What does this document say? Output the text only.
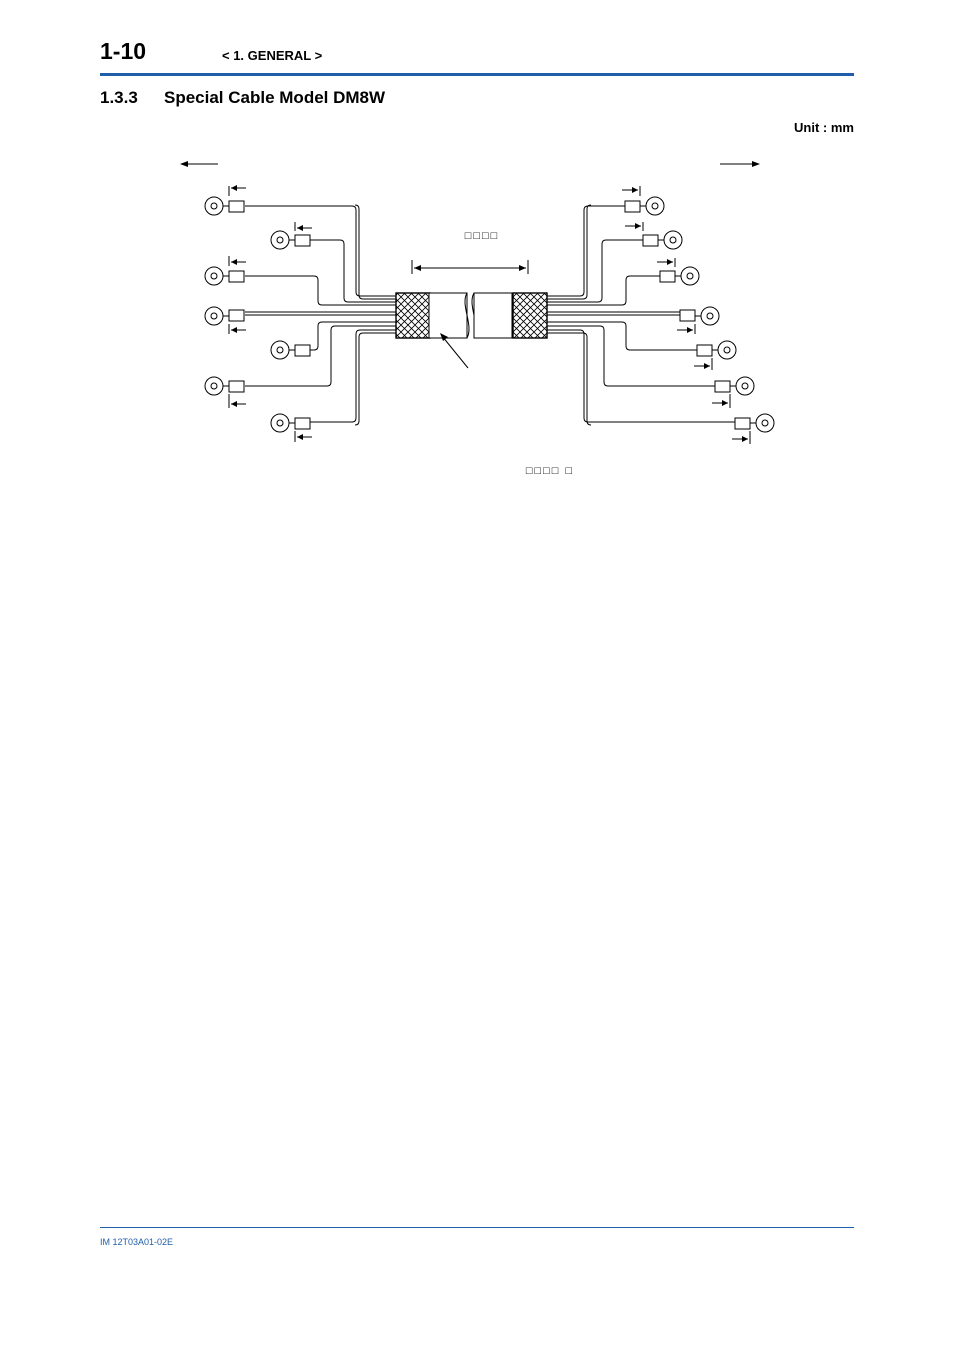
1-10	< 1. GENERAL >
1.3.3 Special Cable Model DM8W
Unit : mm
□□□□
□□□□ □
IM 12T03A01-02E
